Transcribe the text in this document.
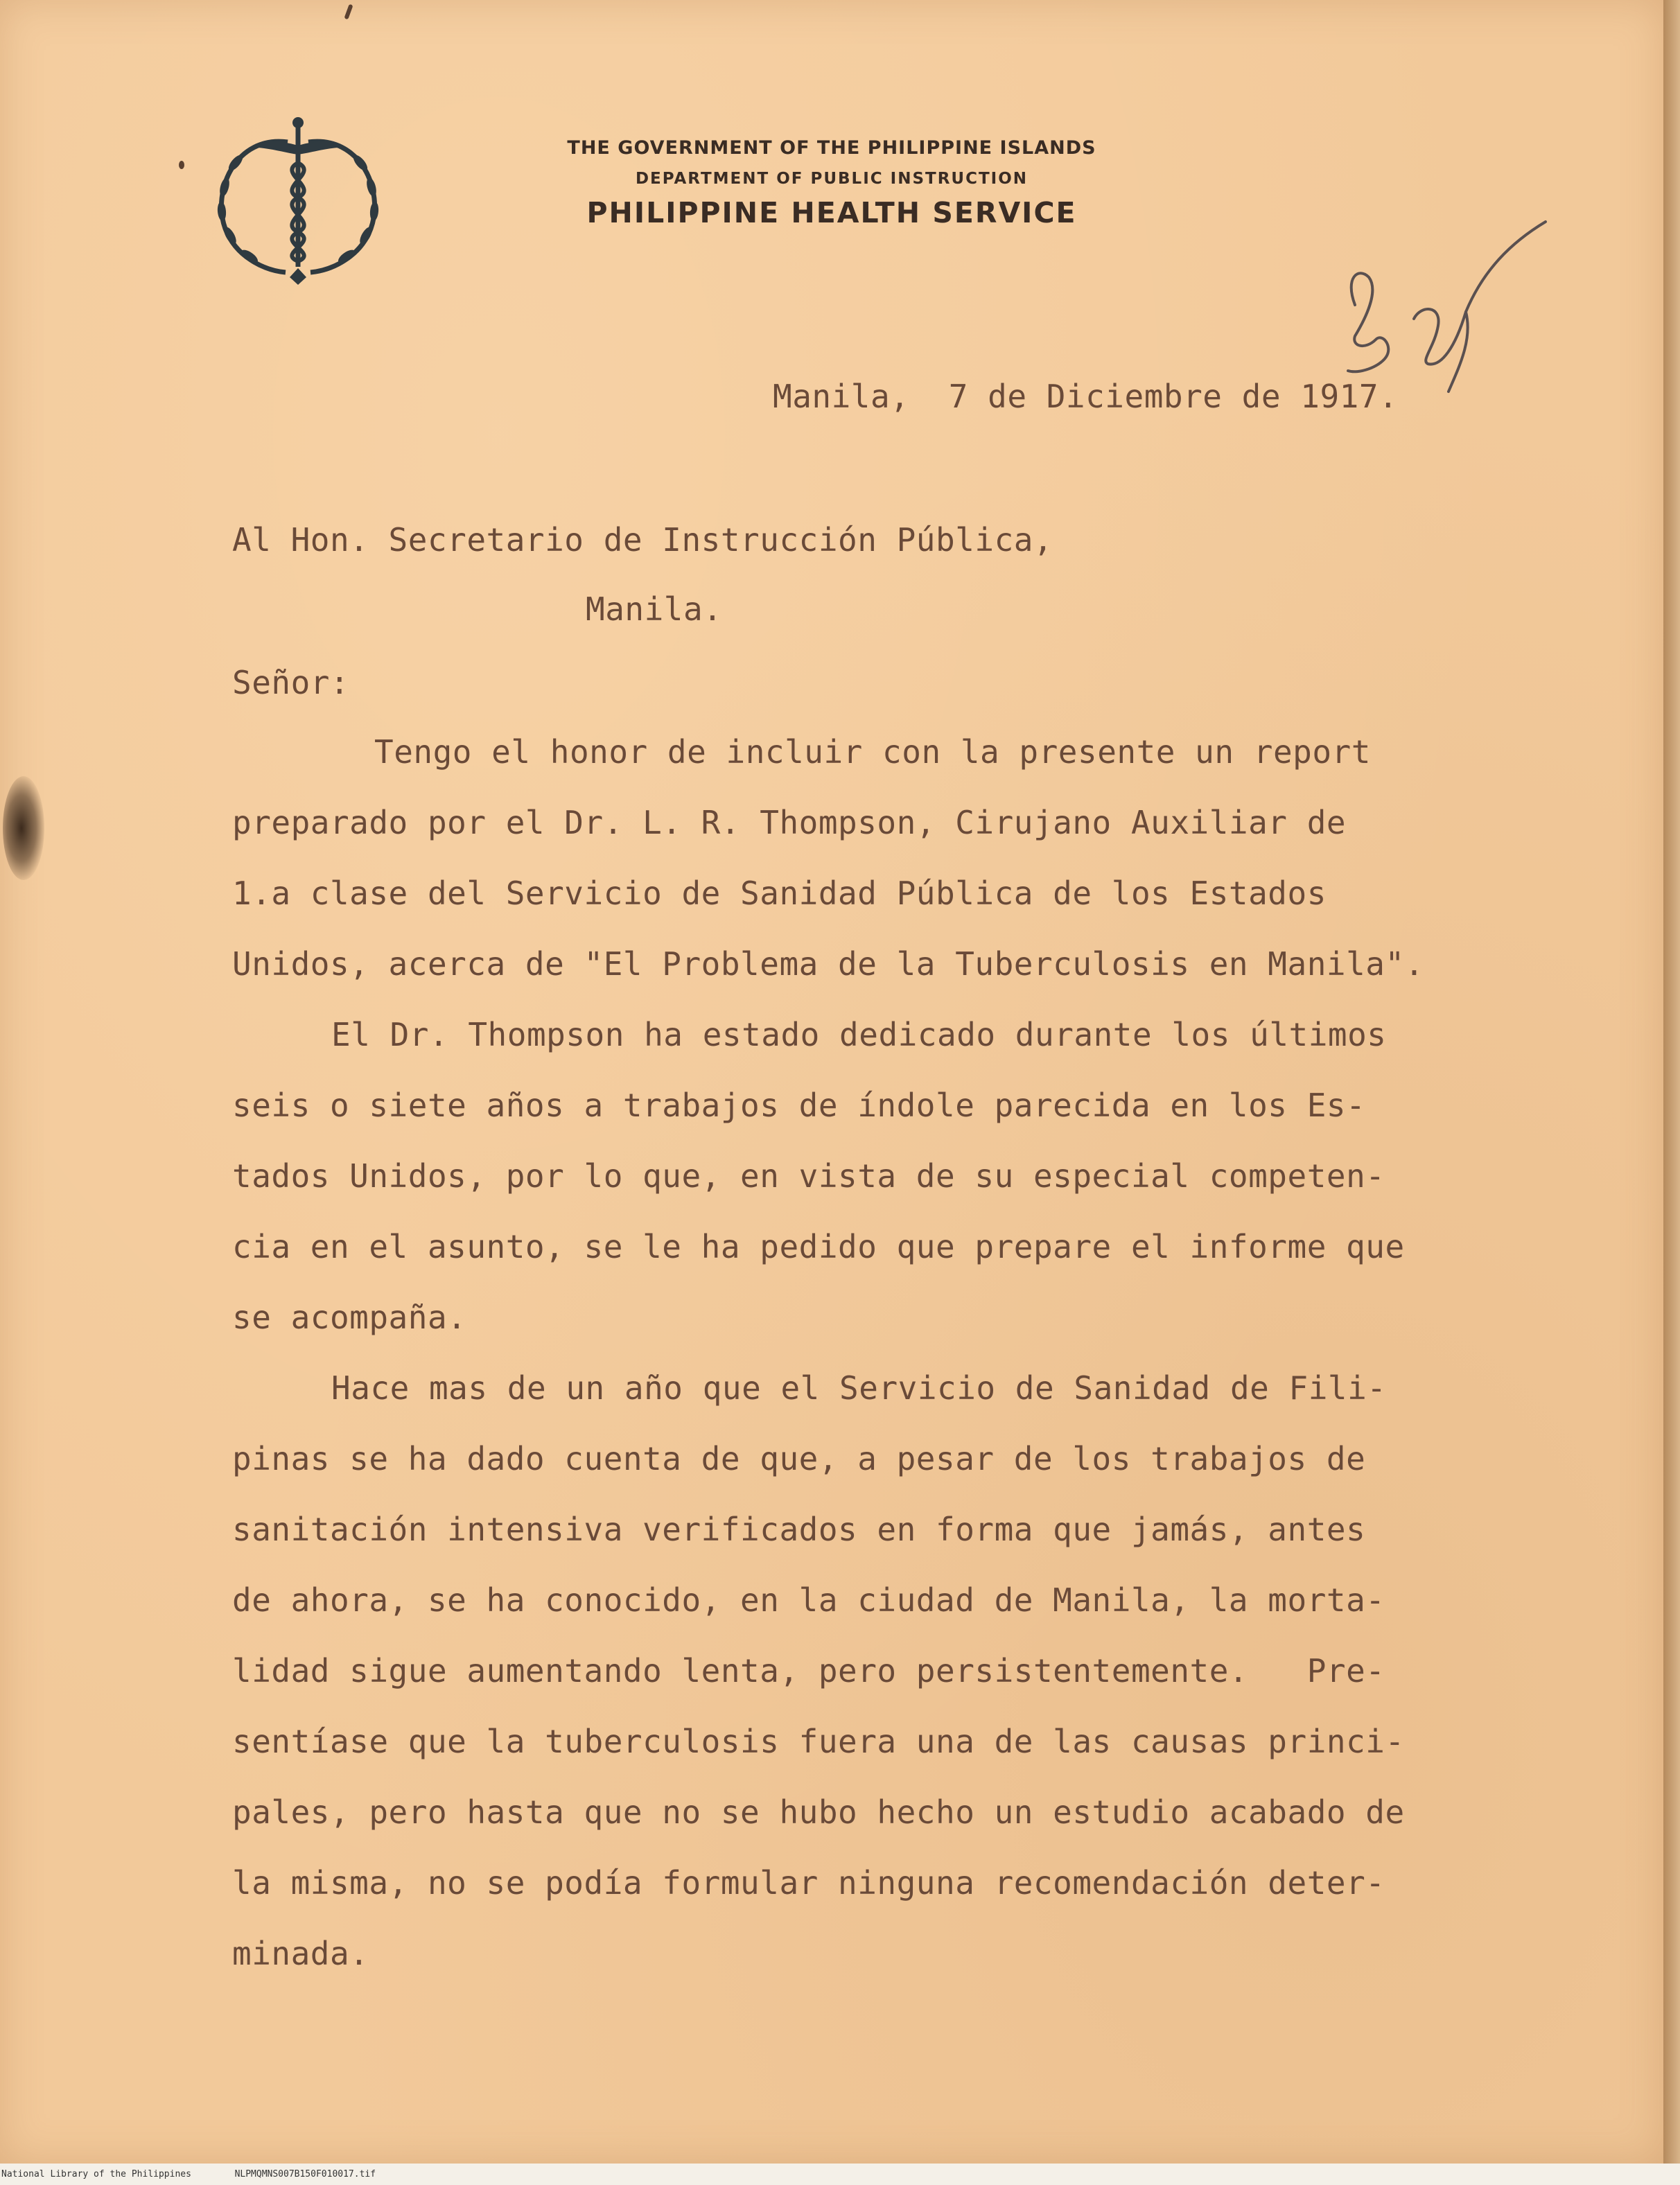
THE GOVERNMENT OF THE PHILIPPINE ISLANDS
DEPARTMENT OF PUBLIC INSTRUCTION
PHILIPPINE HEALTH SERVICE
Manila,  7 de Diciembre de 1917.
Al Hon. Secretario de Instrucción Pública,
Manila.
Señor:
Tengo el honor de incluir con la presente un report
preparado por el Dr. L. R. Thompson, Cirujano Auxiliar de
1.a clase del Servicio de Sanidad Pública de los Estados
Unidos, acerca de "El Problema de la Tuberculosis en Manila".
El Dr. Thompson ha estado dedicado durante los últimos
seis o siete años a trabajos de índole parecida en los Es-
tados Unidos, por lo que, en vista de su especial competen-
cia en el asunto, se le ha pedido que prepare el informe que
se acompaña.
Hace mas de un año que el Servicio de Sanidad de Fili-
pinas se ha dado cuenta de que, a pesar de los trabajos de
sanitación intensiva verificados en forma que jamás, antes
de ahora, se ha conocido, en la ciudad de Manila, la morta-
lidad sigue aumentando lenta, pero persistentemente.   Pre-
sentíase que la tuberculosis fuera una de las causas princi-
pales, pero hasta que no se hubo hecho un estudio acabado de
la misma, no se podía formular ninguna recomendación deter-
minada.
National Library of the Philippines	NLPMQMNS007B150F010017.tif
